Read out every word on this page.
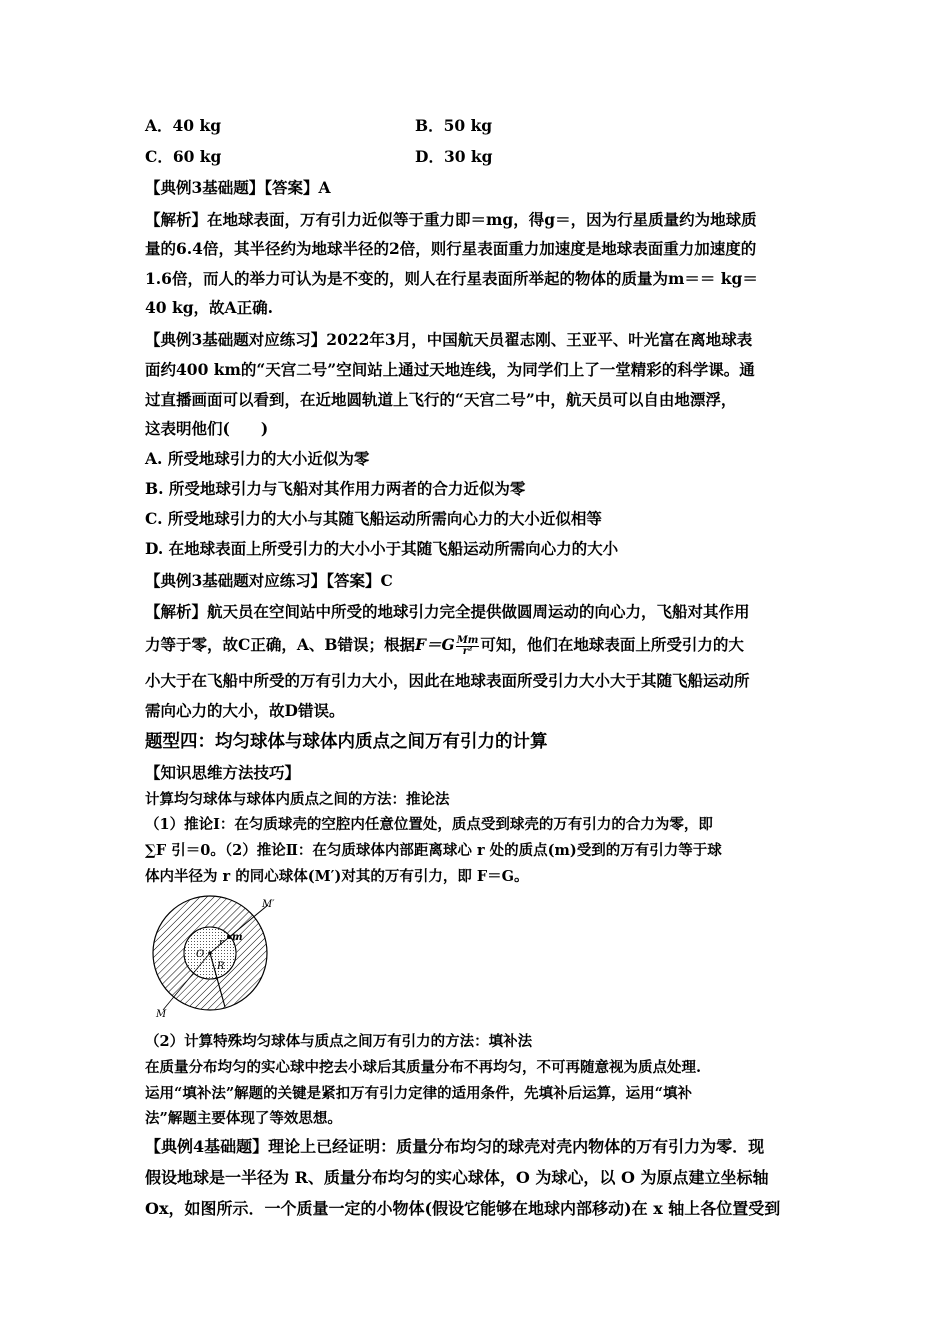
A．40 kg	B．50 kg
C．60 kg	D．30 kg
【典例3基础题】【答案】A
【解析】在地球表面，万有引力近似等于重力即＝mg，得g＝，因为行星质量约为地球质
量的6.4倍，其半径约为地球半径的2倍，则行星表面重力加速度是地球表面重力加速度的
1.6倍，而人的举力可认为是不变的，则人在行星表面所举起的物体的质量为m＝＝ kg＝
40 kg，故A正确.
【典例3基础题对应练习】2022年3月，中国航天员翟志刚、王亚平、叶光富在离地球表
面约400 km的“天宫二号”空间站上通过天地连线，为同学们上了一堂精彩的科学课。通
过直播画面可以看到，在近地圆轨道上飞行的“天宫二号”中，航天员可以自由地漂浮，
这表明他们(　　)
A. 所受地球引力的大小近似为零
B. 所受地球引力与飞船对其作用力两者的合力近似为零
C. 所受地球引力的大小与其随飞船运动所需向心力的大小近似相等
D. 在地球表面上所受引力的大小小于其随飞船运动所需向心力的大小
【典例3基础题对应练习】【答案】C
【解析】航天员在空间站中所受的地球引力完全提供做圆周运动的向心力，飞船对其作用
力等于零，故C正确，A、B错误；根据$F=G \frac{Mm}{\text{r²}}$ 可知，他们在地球表面上所受引力的大
小大于在飞船中所受的万有引力大小，因此在地球表面所受引力大小大于其随飞船运动所
需向心力的大小，故D错误。
题型四：均匀球体与球体内质点之间万有引力的计算
【知识思维方法技巧】
计算均匀球体与球体内质点之间的方法：推论法
（1）推论Ⅰ：在匀质球壳的空腔内任意位置处，质点受到球壳的万有引力的合力为零，即
∑F 引＝0。（2）推论Ⅱ：在匀质球体内部距离球心 r 处的质点(m)受到的万有引力等于球
体内半径为 r 的同心球体(M′)对其的万有引力，即 F＝G。
M′
m
r
O
R
M
（2）计算特殊均匀球体与质点之间万有引力的方法：填补法
在质量分布均匀的实心球中挖去小球后其质量分布不再均匀，不可再随意视为质点处理.
运用“填补法”解题的关键是紧扣万有引力定律的适用条件，先填补后运算，运用“填补
法”解题主要体现了等效思想。
【典例4基础题】理论上已经证明：质量分布均匀的球壳对壳内物体的万有引力为零．现
假设地球是一半径为 R、质量分布均匀的实心球体，O 为球心，以 O 为原点建立坐标轴
Ox，如图所示．一个质量一定的小物体(假设它能够在地球内部移动)在 x 轴上各位置受到
